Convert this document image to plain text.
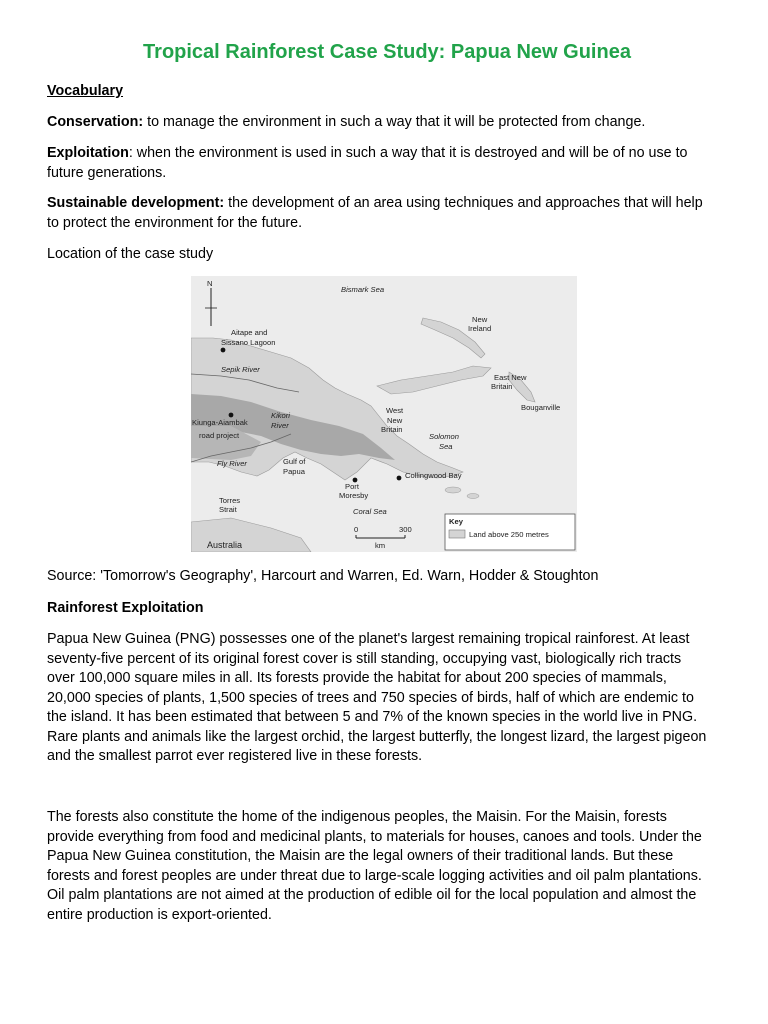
Tropical Rainforest Case Study: Papua New Guinea

Vocabulary

Conservation: to manage the environment in such a way that it will be protected from change.

Exploitation: when the environment is used in such a way that it is destroyed and will be of no use to future generations.

Sustainable development: the development of an area using techniques and approaches that will help to protect the environment for the future.

Location of the case study

Source: 'Tomorrow's Geography', Harcourt and Warren, Ed. Warn, Hodder & Stoughton

Rainforest Exploitation

Papua New Guinea (PNG) possesses one of the planet's largest remaining tropical rainforest. At least seventy-five percent of its original forest cover is still standing, occupying vast, biologically rich tracts over 100,000 square miles in all. Its forests provide the habitat for about 200 species of mammals, 20,000 species of plants, 1,500 species of trees and 750 species of birds, half of which are endemic to the island. It has been estimated that between 5 and 7% of the known species in the world live in PNG. Rare plants and animals like the largest orchid, the largest butterfly, the longest lizard, the largest pigeon and the smallest parrot ever registered live in these forests.

The forests also constitute the home of the indigenous peoples, the Maisin. For the Maisin, forests provide everything from food and medicinal plants, to materials for houses, canoes and tools. Under the Papua New Guinea constitution, the Maisin are the legal owners of their traditional lands. But these forests and forest peoples are under threat due to large-scale logging activities and oil palm plantations. Oil palm plantations are not aimed at the production of edible oil for the local population and almost the entire production is export-oriented.

N
Bismark Sea
New
Ireland
Aitape and
Sissano Lagoon
Sepik River
East New
Britain
Bouganville
West
New
Britain
Kiunga-Aiambak
road project
Kikori
River
Solomon
Sea
Fly River	Gulf of
Papua	Collingwood Bay
Port
Moresby
Torres
Strait	Coral Sea
Australia
0	300
km
Key
Land above 250 metres
